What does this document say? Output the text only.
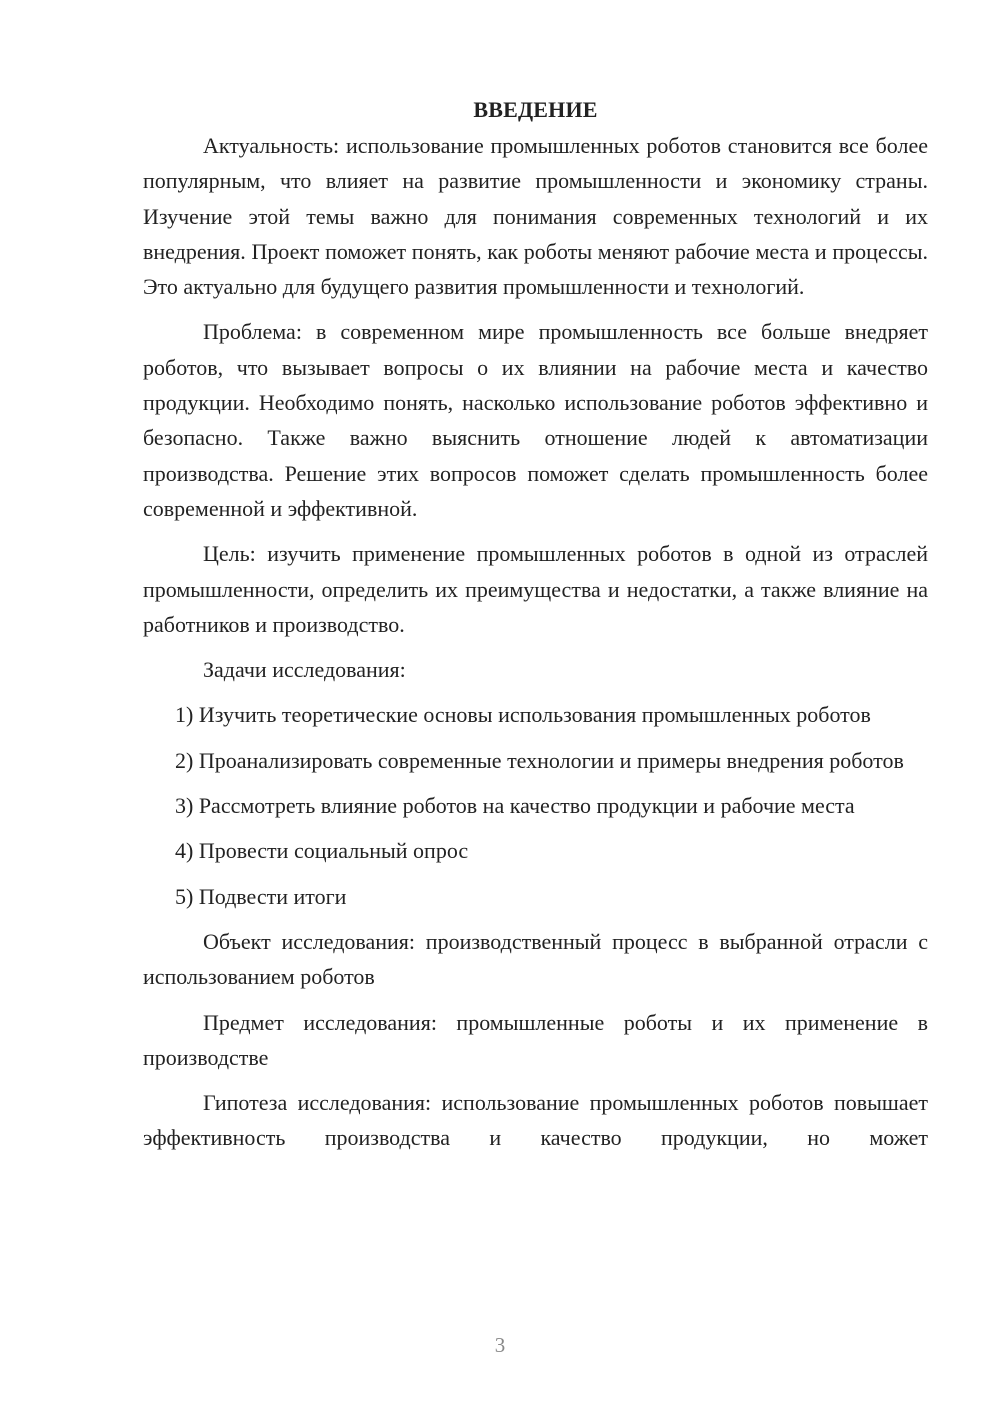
ВВЕДЕНИЕ

Актуальность: использование промышленных роботов становится все более популярным, что влияет на развитие промышленности и экономику страны. Изучение этой темы важно для понимания современных технологий и их внедрения. Проект поможет понять, как роботы меняют рабочие места и процессы. Это актуально для будущего развития промышленности и технологий.

Проблема: в современном мире промышленность все больше внедряет роботов, что вызывает вопросы о их влиянии на рабочие места и качество продукции. Необходимо понять, насколько использование роботов эффективно и безопасно. Также важно выяснить отношение людей к автоматизации производства. Решение этих вопросов поможет сделать промышленность более современной и эффективной.

Цель: изучить применение промышленных роботов в одной из отраслей промышленности, определить их преимущества и недостатки, а также влияние на работников и производство.

Задачи исследования:

1) Изучить теоретические основы использования промышленных роботов

2) Проанализировать современные технологии и примеры внедрения роботов

3) Рассмотреть влияние роботов на качество продукции и рабочие места

4) Провести социальный опрос

5) Подвести итоги

Объект исследования: производственный процесс в выбранной отрасли с использованием роботов

Предмет исследования: промышленные роботы и их применение в производстве

Гипотеза исследования: использование промышленных роботов повышает эффективность производства и качество продукции, но может

3
